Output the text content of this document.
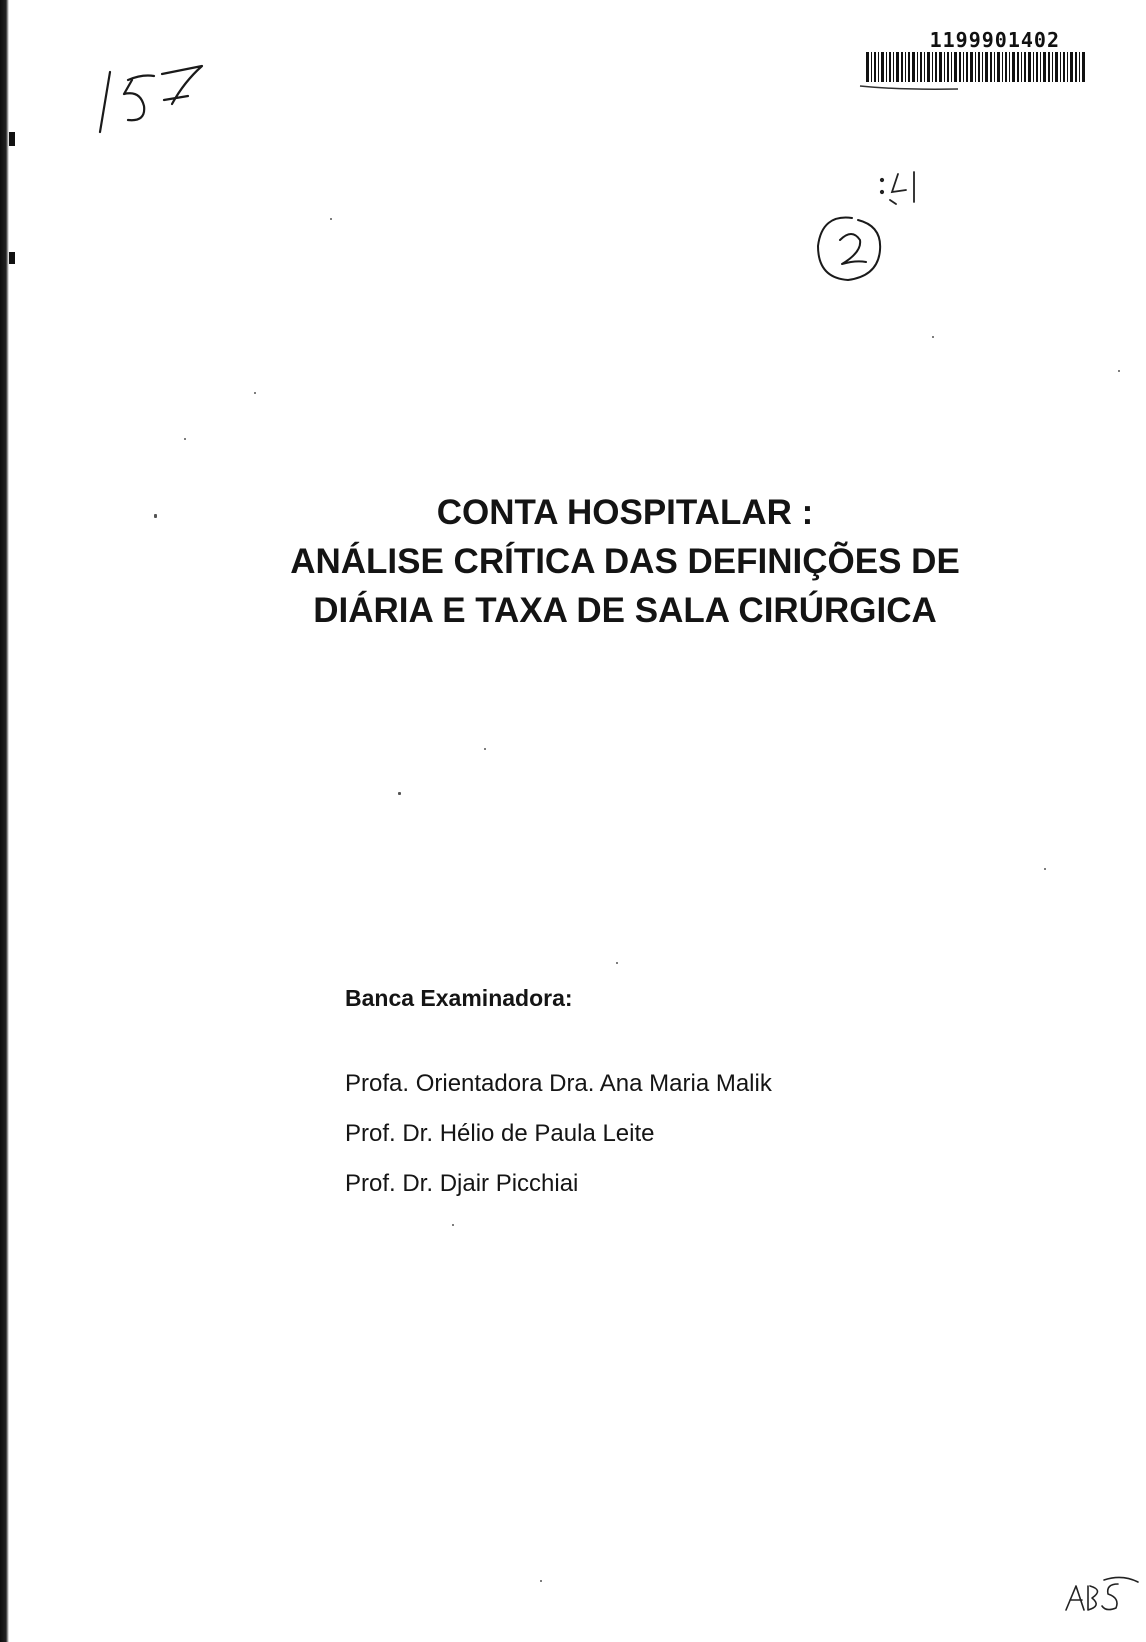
1199901402
CONTA HOSPITALAR :
ANÁLISE CRÍTICA DAS DEFINIÇÕES DE
DIÁRIA E TAXA DE SALA CIRÚRGICA
Banca Examinadora:
Profa. Orientadora Dra. Ana Maria Malik
Prof. Dr. Hélio de Paula Leite
Prof. Dr. Djair Picchiai
